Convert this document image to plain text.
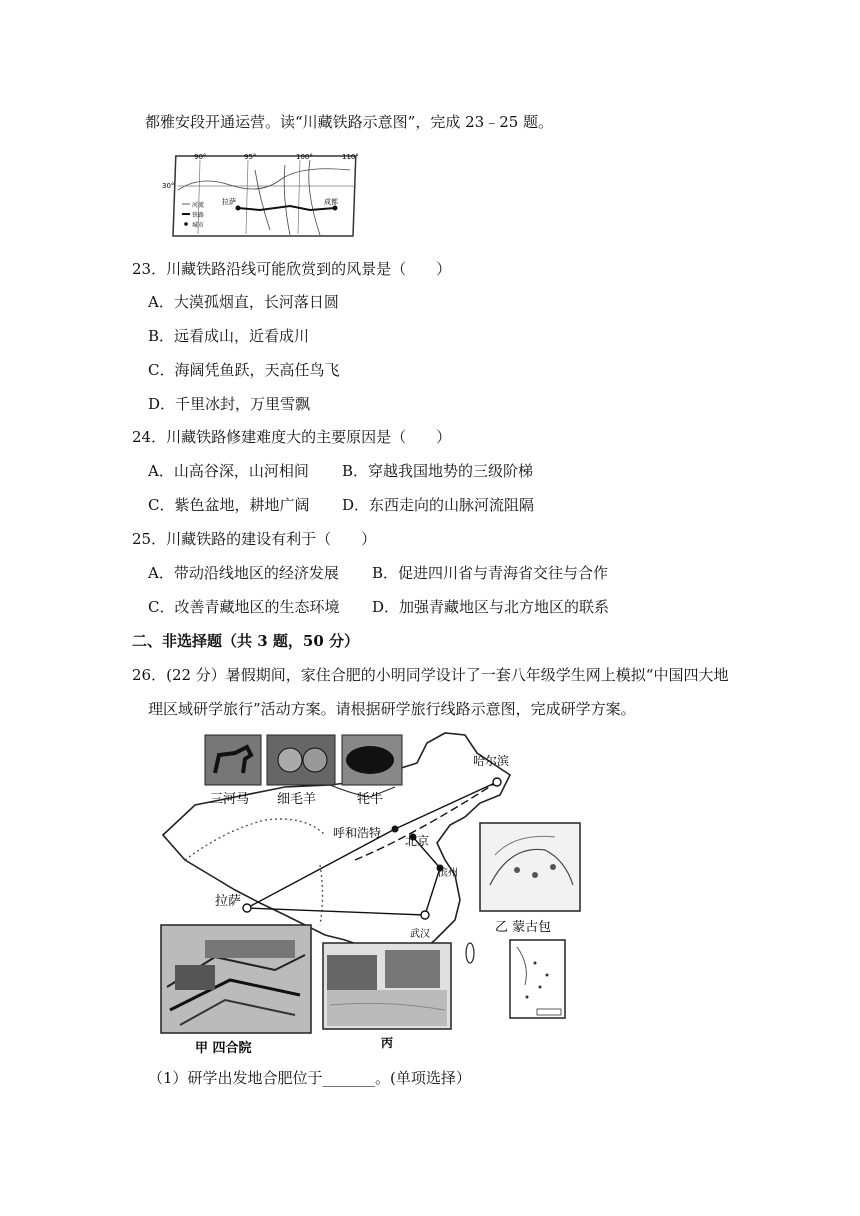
都雅安段开通运营。读“川藏铁路示意图”，完成 23﹣25 题。
90°	95°	100°	110°
30°
拉萨	成都
河流
铁路
城市
23．川藏铁路沿线可能欣赏到的风景是（　　）
A．大漠孤烟直，长河落日圆
B．远看成山，近看成川
C．海阔凭鱼跃，天高任鸟飞
D．千里冰封，万里雪飘
24．川藏铁路修建难度大的主要原因是（　　）
A．山高谷深，山河相间 B．穿越我国地势的三级阶梯
C．紫色盆地，耕地广阔 D．东西走向的山脉河流阻隔
25．川藏铁路的建设有利于（　　）
A．带动沿线地区的经济发展 B．促进四川省与青海省交往与合作
C．改善青藏地区的生态环境 D．加强青藏地区与北方地区的联系
二、非选择题（共 3 题，50 分）
26．(22 分）暑假期间，家住合肥的小明同学设计了一套八年级学生网上模拟“中国四大地
理区域研学旅行”活动方案。请根据研学旅行线路示意图，完成研学方案。
哈尔滨
呼和浩特
北京
滨州
拉萨
武汉
三河马 细毛羊	牦牛
乙 蒙古包
甲 四合院	丙
（1）研学出发地合肥位于_______。(单项选择）
